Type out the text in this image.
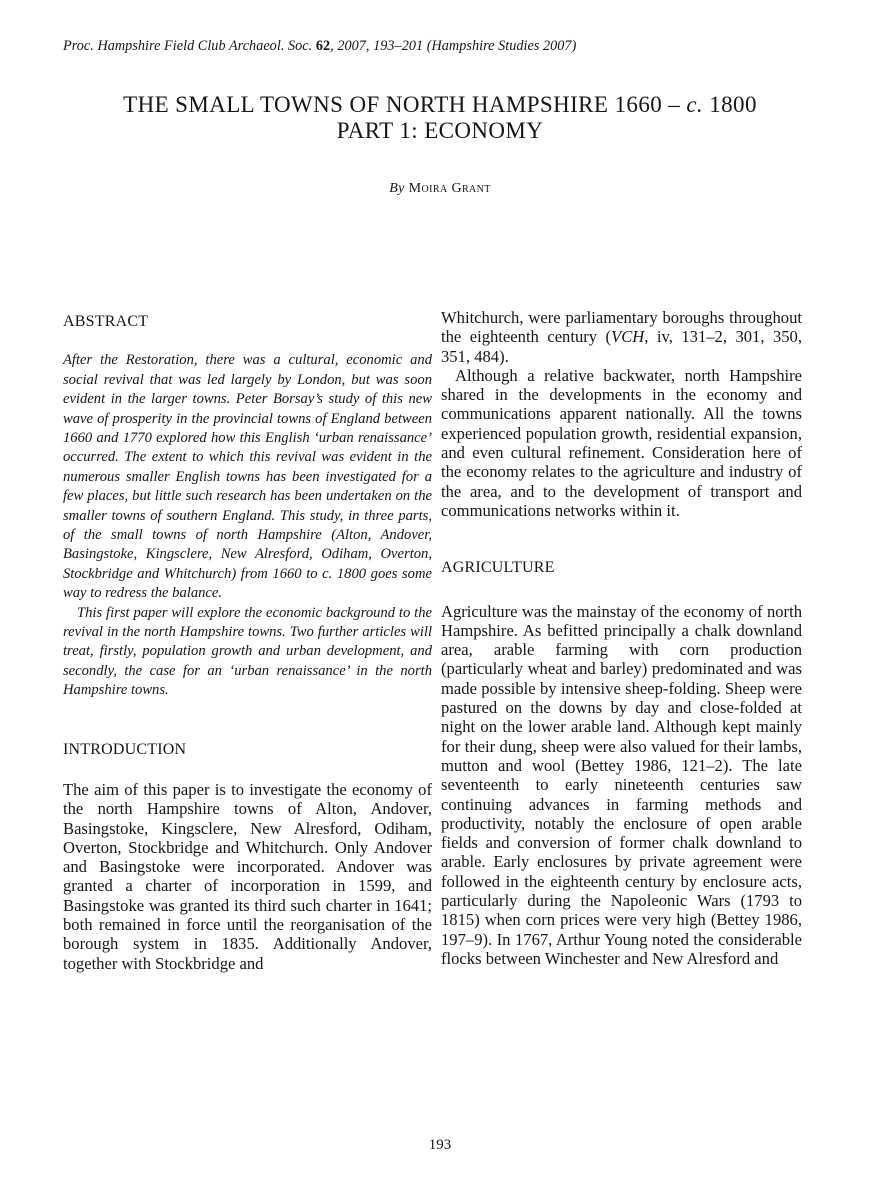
Proc. Hampshire Field Club Archaeol. Soc. 62, 2007, 193–201 (Hampshire Studies 2007)
THE SMALL TOWNS OF NORTH HAMPSHIRE 1660 – c. 1800
PART 1: ECONOMY
By Moira Grant
ABSTRACT

After the Restoration, there was a cultural, economic and social revival that was led largely by London, but was soon evident in the larger towns. Peter Borsay’s study of this new wave of prosperity in the provincial towns of England between 1660 and 1770 explored how this English ‘urban renaissance’ occurred. The extent to which this revival was evident in the numerous smaller English towns has been investigated for a few places, but little such research has been undertaken on the smaller towns of southern England. This study, in three parts, of the small towns of north Hampshire (Alton, Andover, Basingstoke, Kingsclere, New Alresford, Odiham, Overton, Stockbridge and Whitchurch) from 1660 to c. 1800 goes some way to redress the balance.

This first paper will explore the economic background to the revival in the north Hampshire towns. Two further articles will treat, firstly, population growth and urban development, and secondly, the case for an ‘urban renaissance’ in the north Hampshire towns.

INTRODUCTION

The aim of this paper is to investigate the economy of the north Hampshire towns of Alton, Andover, Basingstoke, Kingsclere, New Alresford, Odiham, Overton, Stockbridge and Whitchurch. Only Andover and Basingstoke were incorporated. Andover was granted a charter of incorporation in 1599, and Basingstoke was granted its third such charter in 1641; both remained in force until the reorganisation of the borough system in 1835. Additionally Andover, together with Stockbridge and

Whitchurch, were parliamentary boroughs throughout the eighteenth century (VCH, iv, 131–2, 301, 350, 351, 484).

Although a relative backwater, north Hampshire shared in the developments in the economy and communications apparent nationally. All the towns experienced population growth, residential expansion, and even cultural refinement. Consideration here of the economy relates to the agriculture and industry of the area, and to the development of transport and communications networks within it.

AGRICULTURE

Agriculture was the mainstay of the economy of north Hampshire. As befitted principally a chalk downland area, arable farming with corn production (particularly wheat and barley) predominated and was made possible by intensive sheep-folding. Sheep were pastured on the downs by day and close-folded at night on the lower arable land. Although kept mainly for their dung, sheep were also valued for their lambs, mutton and wool (Bettey 1986, 121–2). The late seventeenth to early nineteenth centuries saw continuing advances in farming methods and productivity, notably the enclosure of open arable fields and conversion of former chalk downland to arable. Early enclosures by private agreement were followed in the eighteenth century by enclosure acts, particularly during the Napoleonic Wars (1793 to 1815) when corn prices were very high (Bettey 1986, 197–9). In 1767, Arthur Young noted the considerable flocks between Winchester and New Alresford and

193
